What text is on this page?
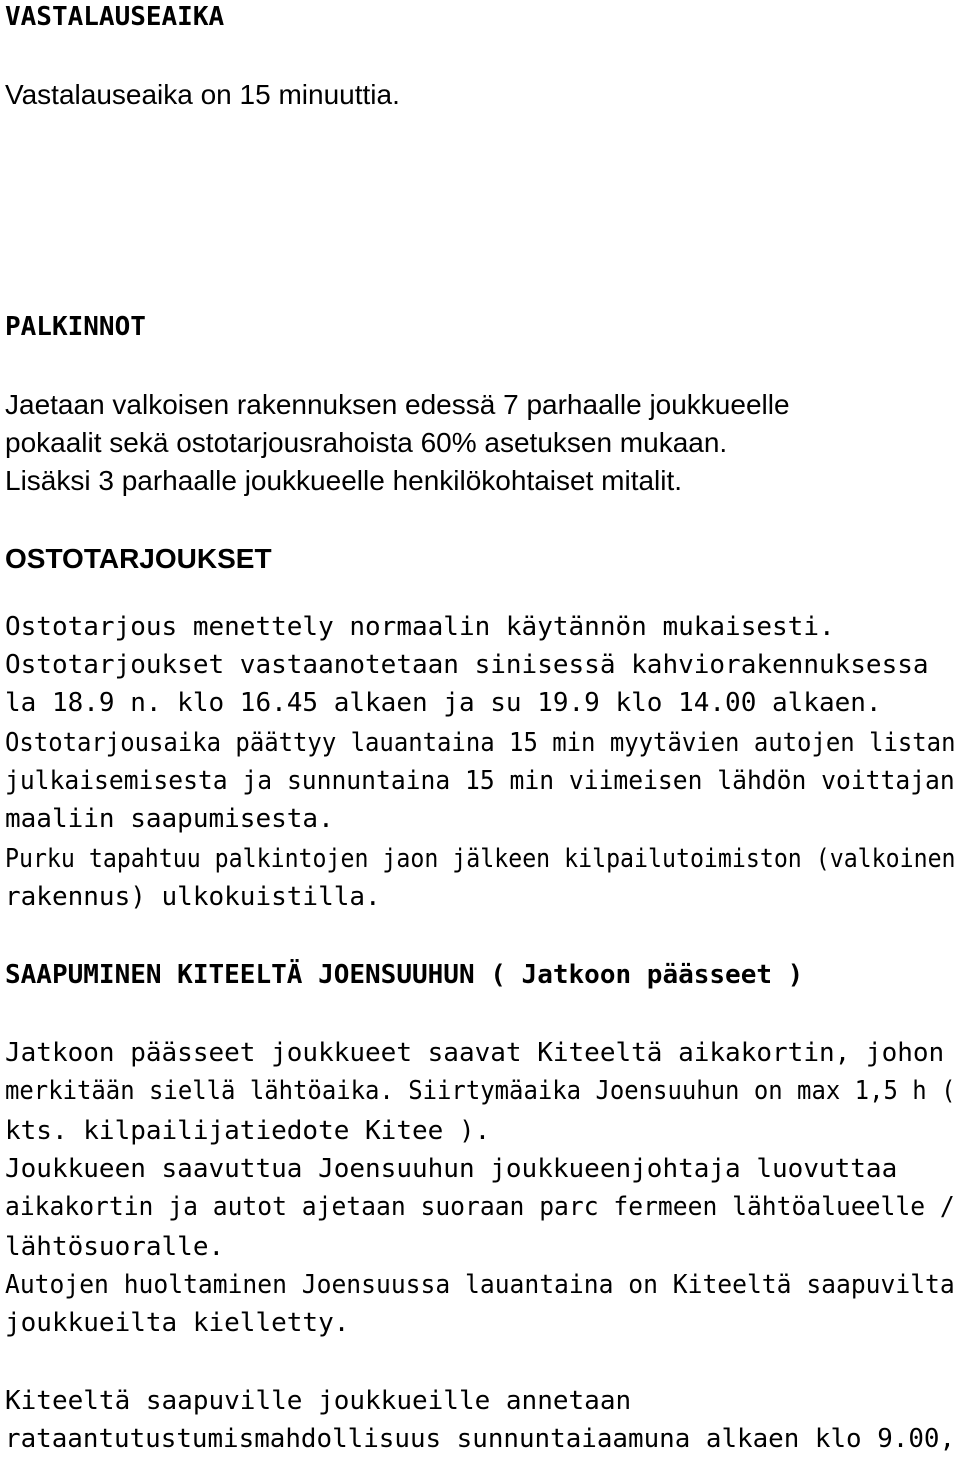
VASTALAUSEAIKA
Vastalauseaika on 15 minuuttia.
PALKINNOT
Jaetaan valkoisen rakennuksen edessä 7 parhaalle joukkueelle
pokaalit sekä ostotarjousrahoista 60% asetuksen mukaan.
Lisäksi 3 parhaalle joukkueelle henkilökohtaiset mitalit.
OSTOTARJOUKSET
Ostotarjous menettely normaalin käytännön mukaisesti.
Ostotarjoukset vastaanotetaan sinisessä kahviorakennuksessa
la 18.9 n. klo 16.45 alkaen ja su 19.9 klo 14.00 alkaen.
Ostotarjousaika päättyy lauantaina 15 min myytävien autojen listan
julkaisemisesta ja sunnuntaina 15 min viimeisen lähdön voittajan
maaliin saapumisesta.
Purku tapahtuu palkintojen jaon jälkeen kilpailutoimiston (valkoinen
rakennus) ulkokuistilla.
SAAPUMINEN KITEELTÄ JOENSUUHUN ( Jatkoon päässeet )
Jatkoon päässeet joukkueet saavat Kiteeltä aikakortin, johon
merkitään siellä lähtöaika. Siirtymäaika Joensuuhun on max 1,5 h (
kts. kilpailijatiedote Kitee ).
Joukkueen saavuttua Joensuuhun joukkueenjohtaja luovuttaa
aikakortin ja autot ajetaan suoraan parc fermeen lähtöalueelle /
lähtösuoralle.
Autojen huoltaminen Joensuussa lauantaina on Kiteeltä saapuvilta
joukkueilta kielletty.
Kiteeltä saapuville joukkueille annetaan
rataantutustumismahdollisuus sunnuntaiaamuna alkaen klo 9.00,
